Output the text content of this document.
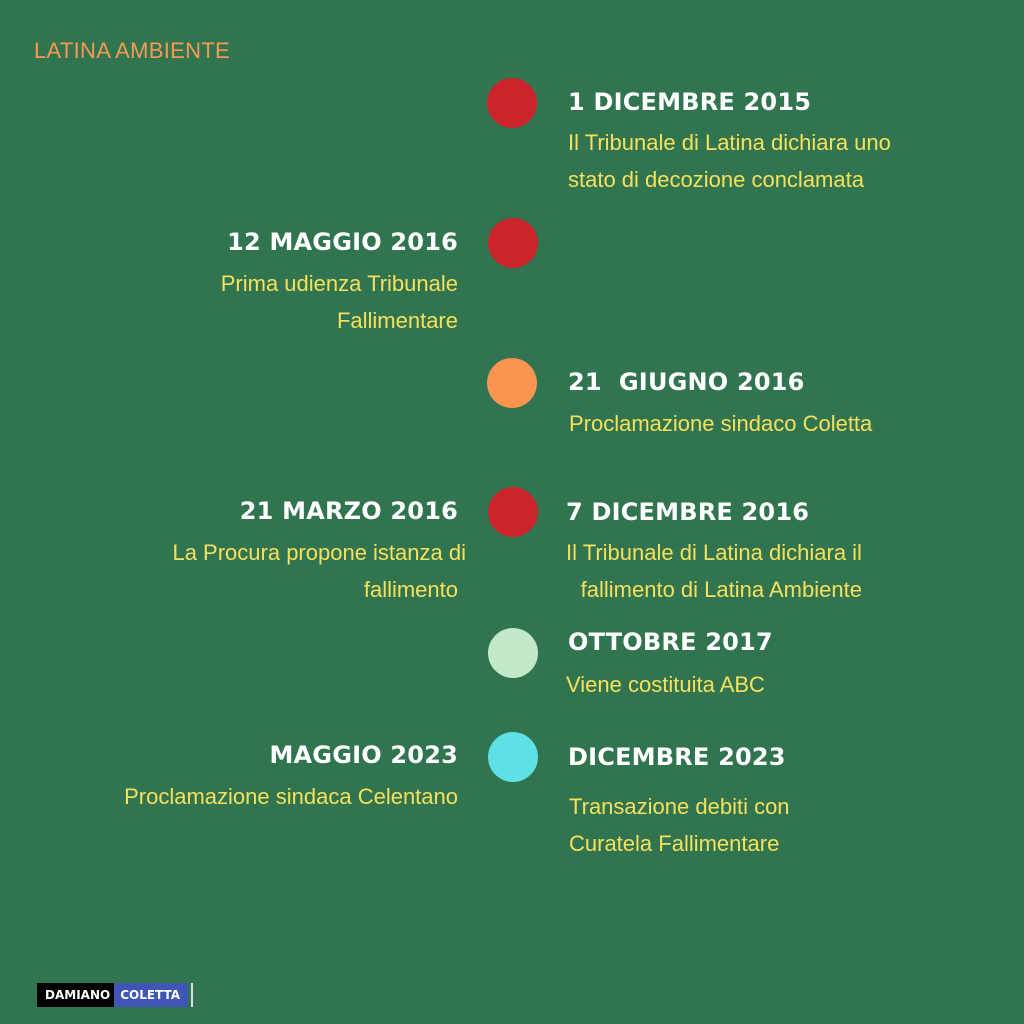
LATINA AMBIENTE
1 DICEMBRE 2015
Il Tribunale di Latina dichiara uno
stato di decozione conclamata
12 MAGGIO 2016
Prima udienza Tribunale
Fallimentare
21  GIUGNO 2016
Proclamazione sindaco Coletta
21 MARZO 2016
La Procura propone istanza di
fallimento
7 DICEMBRE 2016
Il Tribunale di Latina dichiara il
fallimento di Latina Ambiente
OTTOBRE 2017
Viene costituita ABC
MAGGIO 2023
Proclamazione sindaca Celentano
DICEMBRE 2023
Transazione debiti con
Curatela Fallimentare
DAMIANO COLETTA
